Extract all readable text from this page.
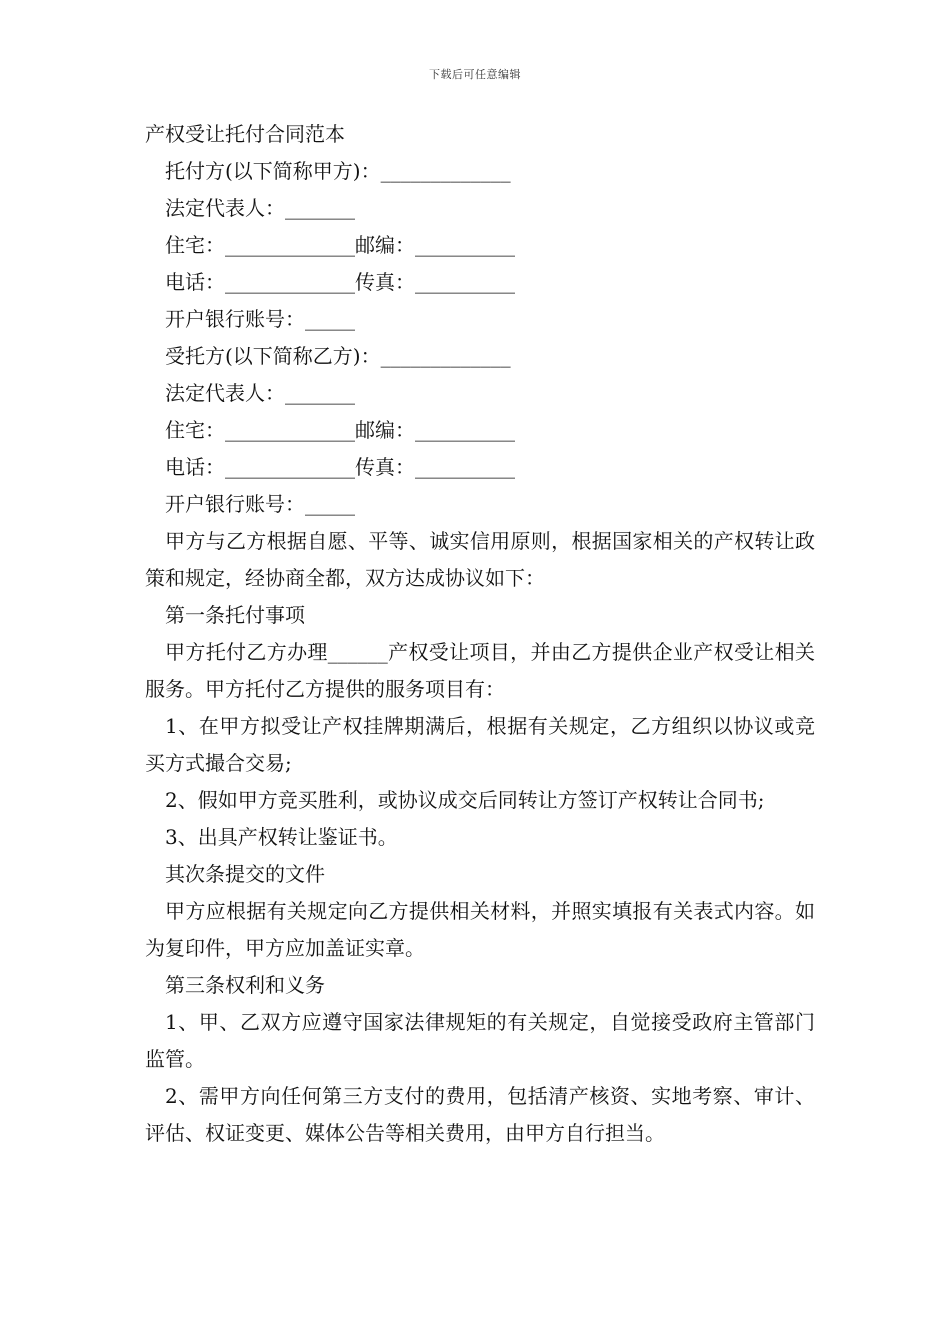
下载后可任意编辑
产权受让托付合同范本
托付方(以下简称甲方)：_____________
法定代表人：_______
住宅：_____________邮编：__________
电话：_____________传真：__________
开户银行账号：_____
受托方(以下简称乙方)：_____________
法定代表人：_______
住宅：_____________邮编：__________
电话：_____________传真：__________
开户银行账号：_____
甲方与乙方根据自愿、平等、诚实信用原则，根据国家相关的产权转让政策和规定，经协商全都，双方达成协议如下：
第一条托付事项
甲方托付乙方办理______产权受让项目，并由乙方提供企业产权受让相关服务。甲方托付乙方提供的服务项目有：
1、在甲方拟受让产权挂牌期满后，根据有关规定，乙方组织以协议或竞买方式撮合交易;
2、假如甲方竞买胜利，或协议成交后同转让方签订产权转让合同书;
3、出具产权转让鉴证书。
其次条提交的文件
甲方应根据有关规定向乙方提供相关材料，并照实填报有关表式内容。如为复印件，甲方应加盖证实章。
第三条权利和义务
1、甲、乙双方应遵守国家法律规矩的有关规定，自觉接受政府主管部门监管。
2、需甲方向任何第三方支付的费用，包括清产核资、实地考察、审计、评估、权证变更、媒体公告等相关费用，由甲方自行担当。
